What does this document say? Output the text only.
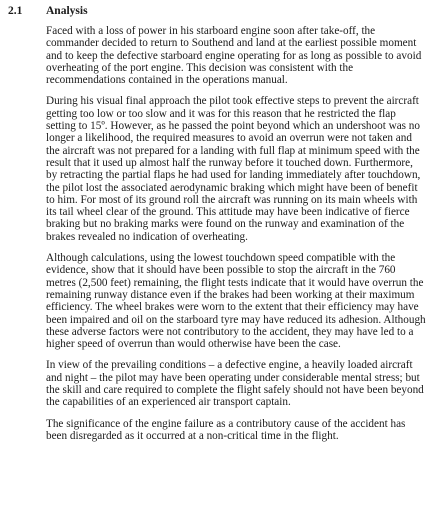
2.1 Analysis

Faced with a loss of power in his starboard engine soon after take-off, the commander decided to return to Southend and land at the earliest possible moment and to keep the defective starboard engine operating for as long as possible to avoid overheating of the port engine. This decision was consistent with the recommendations contained in the operations manual.

During his visual final approach the pilot took effective steps to prevent the aircraft getting too low or too slow and it was for this reason that he restricted the flap setting to 15º. However, as he passed the point beyond which an undershoot was no longer a likelihood, the required measures to avoid an overrun were not taken and the aircraft was not prepared for a landing with full flap at minimum speed with the result that it used up almost half the runway before it touched down. Furthermore, by retracting the partial flaps he had used for landing immediately after touchdown, the pilot lost the associated aerodynamic braking which might have been of benefit to him. For most of its ground roll the aircraft was running on its main wheels with its tail wheel clear of the ground. This attitude may have been indicative of fierce braking but no braking marks were found on the runway and examination of the brakes revealed no indication of overheating.

Although calculations, using the lowest touchdown speed compatible with the evidence, show that it should have been possible to stop the aircraft in the 760 metres (2,500 feet) remaining, the flight tests indicate that it would have overrun the remaining runway distance even if the brakes had been working at their maximum efficiency. The wheel brakes were worn to the extent that their efficiency may have been impaired and oil on the starboard tyre may have reduced its adhesion. Although these adverse factors were not contributory to the accident, they may have led to a higher speed of overrun than would otherwise have been the case.

In view of the prevailing conditions – a defective engine, a heavily loaded aircraft and night – the pilot may have been operating under considerable mental stress; but the skill and care required to complete the flight safely should not have been beyond the capabilities of an experienced air transport captain.

The significance of the engine failure as a contributory cause of the accident has been disregarded as it occurred at a non-critical time in the flight.
